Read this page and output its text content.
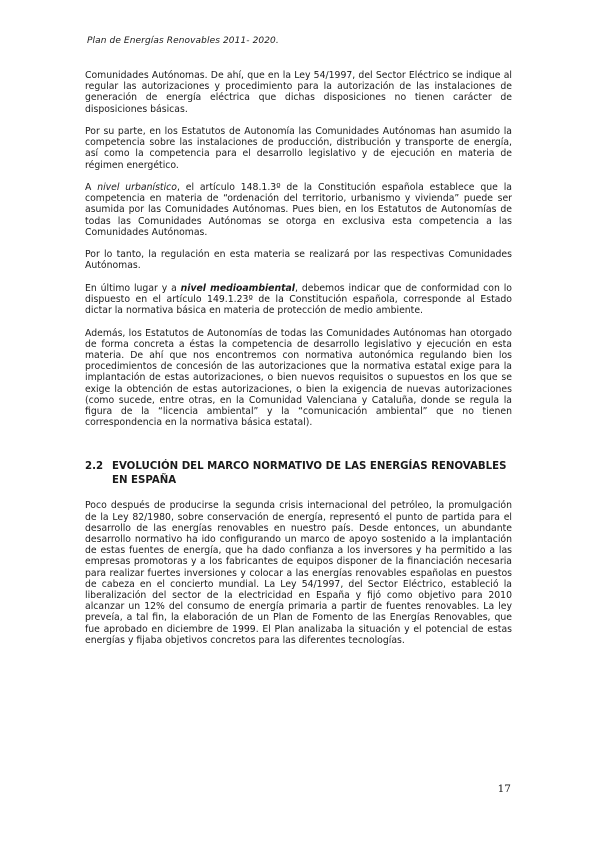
Plan de Energías Renovables 2011- 2020.

Comunidades Autónomas. De ahí, que en la Ley 54/1997, del Sector Eléctrico se indique al regular las autorizaciones y procedimiento para la autorización de las instalaciones de generación de energía eléctrica que dichas disposiciones no tienen carácter de disposiciones básicas.

Por su parte, en los Estatutos de Autonomía las Comunidades Autónomas han asumido la competencia sobre las instalaciones de producción, distribución y transporte de energía, así como la competencia para el desarrollo legislativo y de ejecución en materia de régimen energético.

A nivel urbanístico, el artículo 148.1.3º de la Constitución española establece que la competencia en materia de “ordenación del territorio, urbanismo y vivienda” puede ser asumida por las Comunidades Autónomas. Pues bien, en los Estatutos de Autonomías de todas las Comunidades Autónomas se otorga en exclusiva esta competencia a las Comunidades Autónomas.

Por lo tanto, la regulación en esta materia se realizará por las respectivas Comunidades Autónomas.

En último lugar y a nivel medioambiental, debemos indicar que de conformidad con lo dispuesto en el artículo 149.1.23º de la Constitución española, corresponde al Estado dictar la normativa básica en materia de protección de medio ambiente.

Además, los Estatutos de Autonomías de todas las Comunidades Autónomas han otorgado de forma concreta a éstas la competencia de desarrollo legislativo y ejecución en esta materia. De ahí que nos encontremos con normativa autonómica regulando bien los procedimientos de concesión de las autorizaciones que la normativa estatal exige para la implantación de estas autorizaciones, o bien nuevos requisitos o supuestos en los que se exige la obtención de estas autorizaciones, o bien la exigencia de nuevas autorizaciones (como sucede, entre otras, en la Comunidad Valenciana y Cataluña, donde se regula la figura de la “licencia ambiental” y la “comunicación ambiental” que no tienen correspondencia en la normativa básica estatal).

2.2 EVOLUCIÓN DEL MARCO NORMATIVO DE LAS ENERGÍAS RENOVABLES EN ESPAÑA

Poco después de producirse la segunda crisis internacional del petróleo, la promulgación de la Ley 82/1980, sobre conservación de energía, representó el punto de partida para el desarrollo de las energías renovables en nuestro país. Desde entonces, un abundante desarrollo normativo ha ido configurando un marco de apoyo sostenido a la implantación de estas fuentes de energía, que ha dado confianza a los inversores y ha permitido a las empresas promotoras y a los fabricantes de equipos disponer de la financiación necesaria para realizar fuertes inversiones y colocar a las energías renovables españolas en puestos de cabeza en el concierto mundial. La Ley 54/1997, del Sector Eléctrico, estableció la liberalización del sector de la electricidad en España y fijó como objetivo para 2010 alcanzar un 12% del consumo de energía primaria a partir de fuentes renovables. La ley preveía, a tal fin, la elaboración de un Plan de Fomento de las Energías Renovables, que fue aprobado en diciembre de 1999. El Plan analizaba la situación y el potencial de estas energías y fijaba objetivos concretos para las diferentes tecnologías.

17
